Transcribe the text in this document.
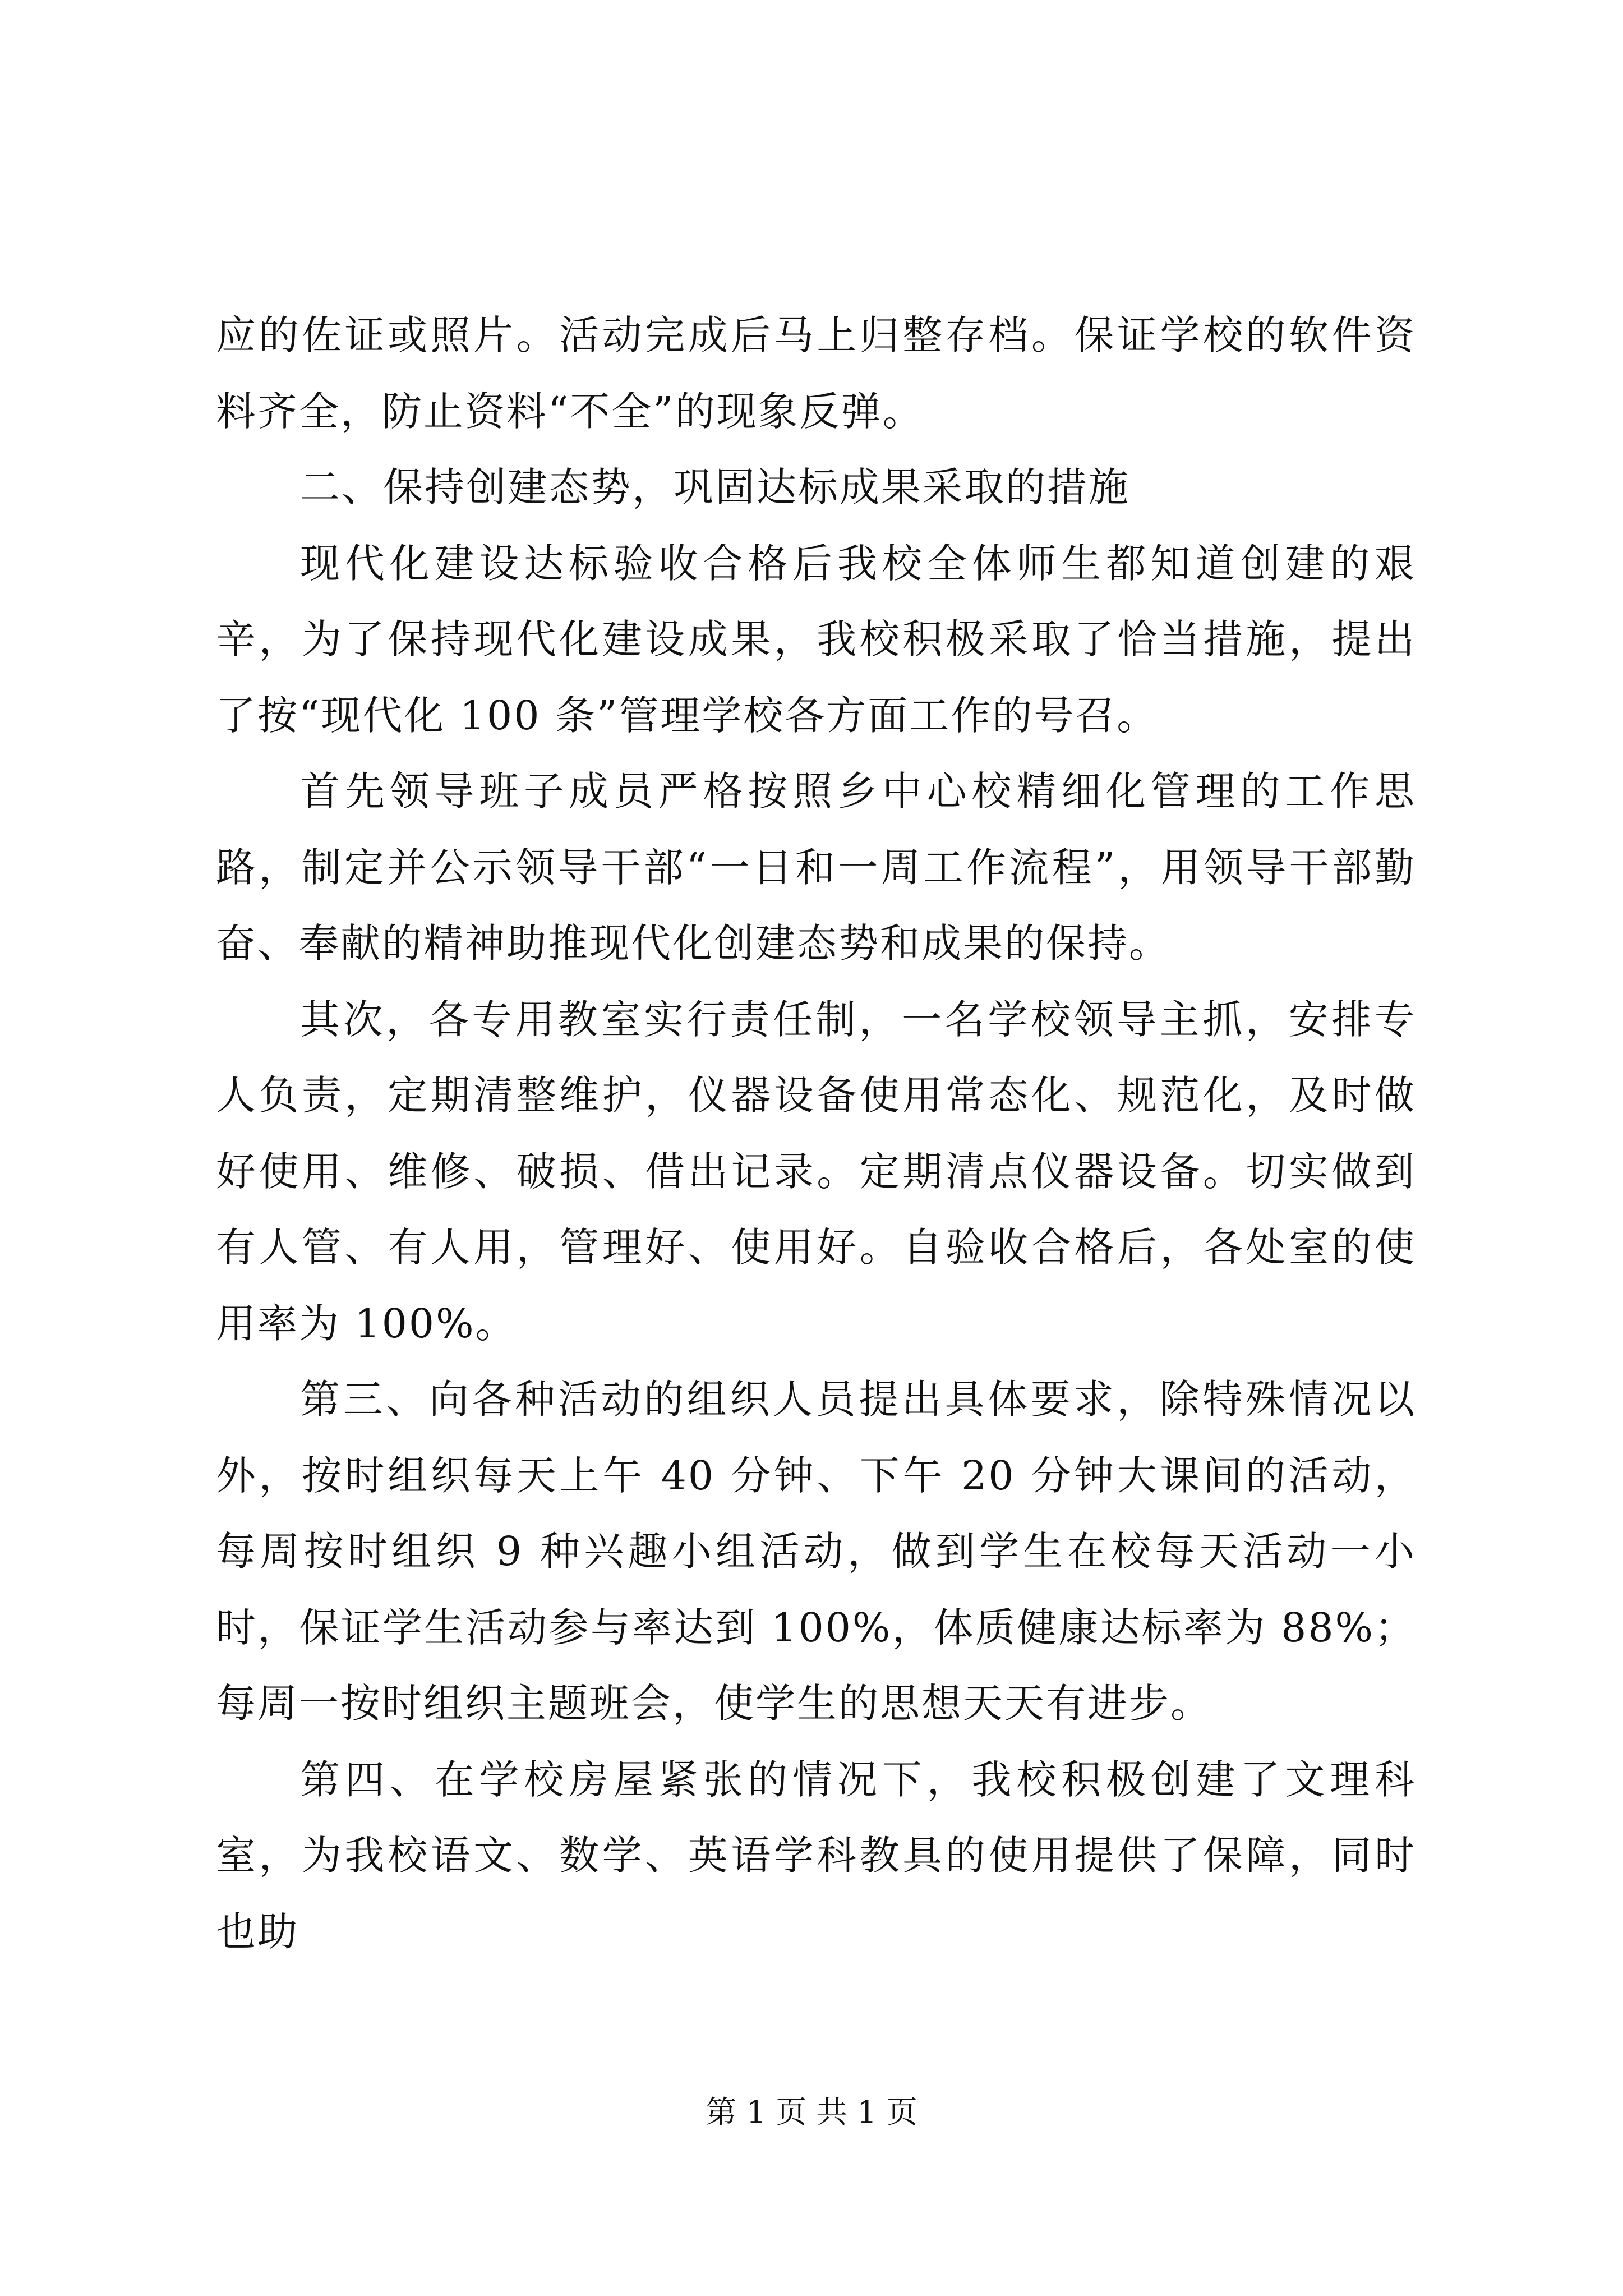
应的佐证或照片。活动完成后马上归整存档。保证学校的软件资料齐全，防止资料“不全”的现象反弹。

二、保持创建态势，巩固达标成果采取的措施

现代化建设达标验收合格后我校全体师生都知道创建的艰辛，为了保持现代化建设成果，我校积极采取了恰当措施，提出了按“现代化 100 条”管理学校各方面工作的号召。

首先领导班子成员严格按照乡中心校精细化管理的工作思路，制定并公示领导干部“一日和一周工作流程”，用领导干部勤奋、奉献的精神助推现代化创建态势和成果的保持。

其次，各专用教室实行责任制，一名学校领导主抓，安排专人负责，定期清整维护，仪器设备使用常态化、规范化，及时做好使用、维修、破损、借出记录。定期清点仪器设备。切实做到有人管、有人用，管理好、使用好。自验收合格后，各处室的使用率为 100%。

第三、向各种活动的组织人员提出具体要求，除特殊情况以外，按时组织每天上午 40 分钟、下午 20 分钟大课间的活动，每周按时组织 9 种兴趣小组活动，做到学生在校每天活动一小时，保证学生活动参与率达到 100%，体质健康达标率为 88%；每周一按时组织主题班会，使学生的思想天天有进步。

第四、在学校房屋紧张的情况下，我校积极创建了文理科室，为我校语文、数学、英语学科教具的使用提供了保障，同时也助

第 1 页 共 1 页
